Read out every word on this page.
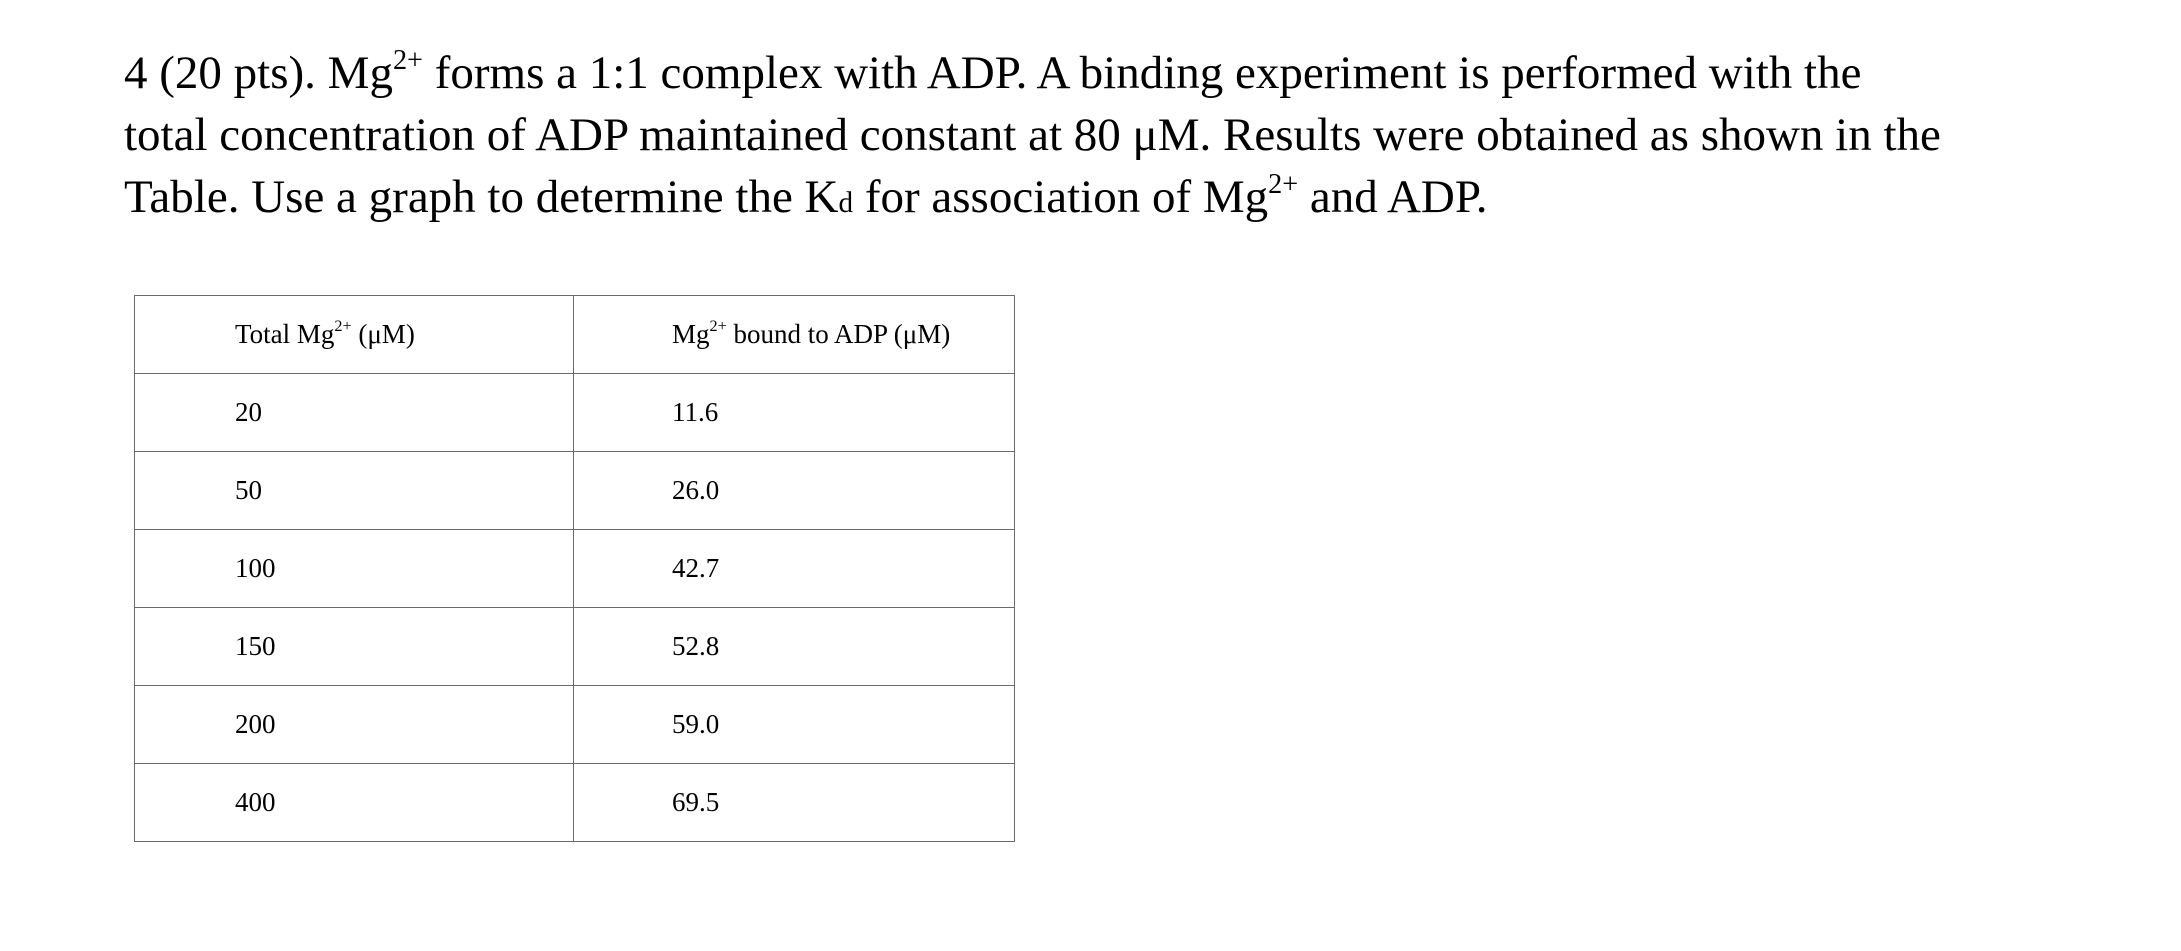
4 (20 pts). $Mg^{2+}$ forms a 1:1 complex with ADP. A binding experiment is performed with the

total concentration of ADP maintained constant at 80 μM. Results were obtained as shown in the

Table. Use a graph to determine the Kd for association of $Mg^{2+}$ and ADP.

Total $Mg^{2+}$ (μM)	$Mg^{2+}$ bound to ADP (μM)

20	11.6

50	26.0

100	42.7

150	52.8

200	59.0

400	69.5
